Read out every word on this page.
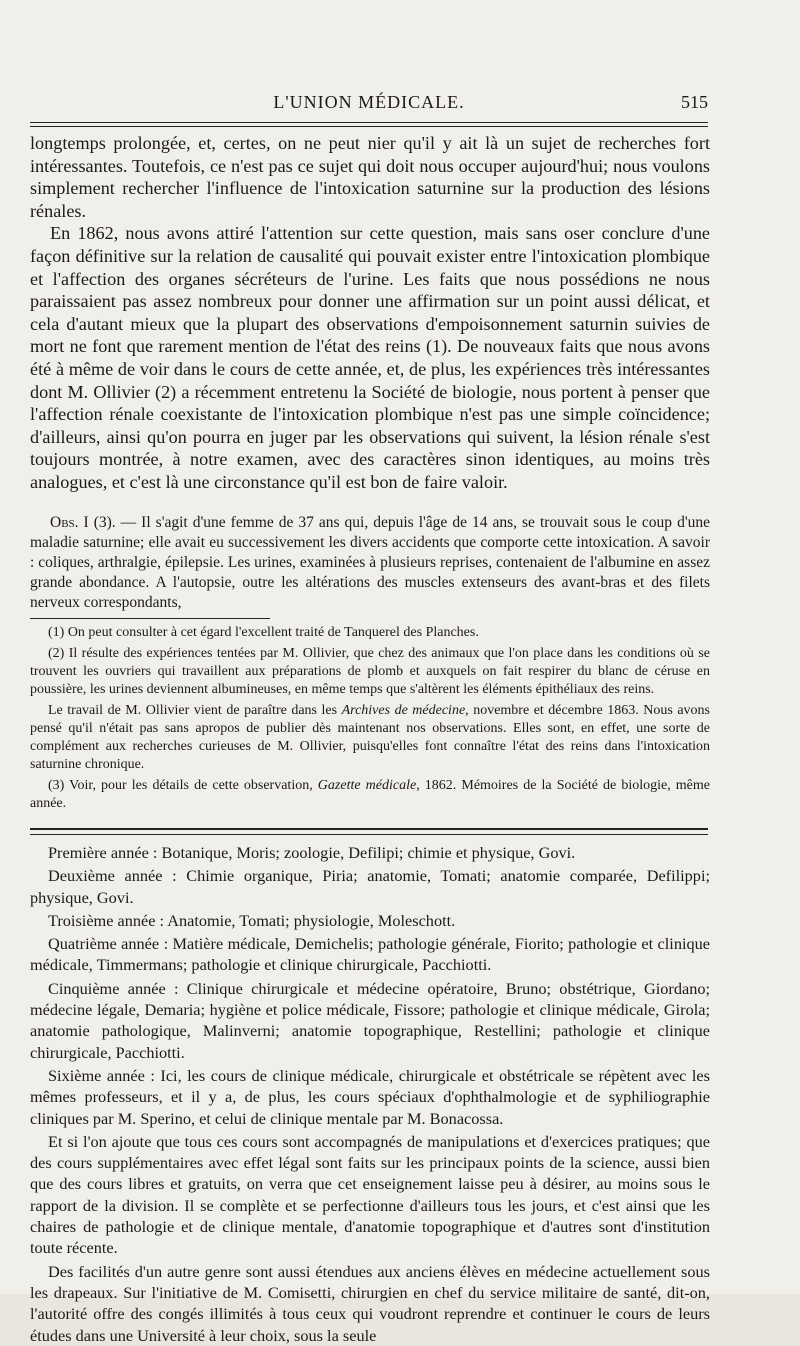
L'UNION MÉDICALE.	515

longtemps prolongée, et, certes, on ne peut nier qu'il y ait là un sujet de recherches fort intéressantes. Toutefois, ce n'est pas ce sujet qui doit nous occuper aujourd'hui; nous voulons simplement rechercher l'influence de l'intoxication saturnine sur la production des lésions rénales.

En 1862, nous avons attiré l'attention sur cette question, mais sans oser conclure d'une façon définitive sur la relation de causalité qui pouvait exister entre l'intoxication plombique et l'affection des organes sécréteurs de l'urine. Les faits que nous possédions ne nous paraissaient pas assez nombreux pour donner une affirmation sur un point aussi délicat, et cela d'autant mieux que la plupart des observations d'empoisonnement saturnin suivies de mort ne font que rarement mention de l'état des reins (1). De nouveaux faits que nous avons été à même de voir dans le cours de cette année, et, de plus, les expériences très intéressantes dont M. Ollivier (2) a récemment entretenu la Société de biologie, nous portent à penser que l'affection rénale coexistante de l'intoxication plombique n'est pas une simple coïncidence; d'ailleurs, ainsi qu'on pourra en juger par les observations qui suivent, la lésion rénale s'est toujours montrée, à notre examen, avec des caractères sinon identiques, au moins très analogues, et c'est là une circonstance qu'il est bon de faire valoir.

Obs. I (3). — Il s'agit d'une femme de 37 ans qui, depuis l'âge de 14 ans, se trouvait sous le coup d'une maladie saturnine; elle avait eu successivement les divers accidents que comporte cette intoxication. A savoir : coliques, arthralgie, épilepsie. Les urines, examinées à plusieurs reprises, contenaient de l'albumine en assez grande abondance. A l'autopsie, outre les altérations des muscles extenseurs des avant-bras et des filets nerveux correspondants,

(1) On peut consulter à cet égard l'excellent traité de Tanquerel des Planches.

(2) Il résulte des expériences tentées par M. Ollivier, que chez des animaux que l'on place dans les conditions où se trouvent les ouvriers qui travaillent aux préparations de plomb et auxquels on fait respirer du blanc de céruse en poussière, les urines deviennent albumineuses, en même temps que s'altèrent les éléments épithéliaux des reins.

Le travail de M. Ollivier vient de paraître dans les Archives de médecine, novembre et décembre 1863. Nous avons pensé qu'il n'était pas sans apropos de publier dès maintenant nos observations. Elles sont, en effet, une sorte de complément aux recherches curieuses de M. Ollivier, puisqu'elles font connaître l'état des reins dans l'intoxication saturnine chronique.

(3) Voir, pour les détails de cette observation, Gazette médicale, 1862. Mémoires de la Société de biologie, même année.

Première année : Botanique, Moris; zoologie, Defilipi; chimie et physique, Govi.

Deuxième année : Chimie organique, Piria; anatomie, Tomati; anatomie comparée, Defilippi; physique, Govi.

Troisième année : Anatomie, Tomati; physiologie, Moleschott.

Quatrième année : Matière médicale, Demichelis; pathologie générale, Fiorito; pathologie et clinique médicale, Timmermans; pathologie et clinique chirurgicale, Pacchiotti.

Cinquième année : Clinique chirurgicale et médecine opératoire, Bruno; obstétrique, Giordano; médecine légale, Demaria; hygiène et police médicale, Fissore; pathologie et clinique médicale, Girola; anatomie pathologique, Malinverni; anatomie topographique, Restellini; pathologie et clinique chirurgicale, Pacchiotti.

Sixième année : Ici, les cours de clinique médicale, chirurgicale et obstétricale se répètent avec les mêmes professeurs, et il y a, de plus, les cours spéciaux d'ophthalmologie et de syphiliographie cliniques par M. Sperino, et celui de clinique mentale par M. Bonacossa.

Et si l'on ajoute que tous ces cours sont accompagnés de manipulations et d'exercices pratiques; que des cours supplémentaires avec effet légal sont faits sur les principaux points de la science, aussi bien que des cours libres et gratuits, on verra que cet enseignement laisse peu à désirer, au moins sous le rapport de la division. Il se complète et se perfectionne d'ailleurs tous les jours, et c'est ainsi que les chaires de pathologie et de clinique mentale, d'anatomie topographique et d'autres sont d'institution toute récente.

Des facilités d'un autre genre sont aussi étendues aux anciens élèves en médecine actuellement sous les drapeaux. Sur l'initiative de M. Comisetti, chirurgien en chef du service militaire de santé, dit-on, l'autorité offre des congés illimités à tous ceux qui voudront reprendre et continuer le cours de leurs études dans une Université à leur choix, sous la seule
